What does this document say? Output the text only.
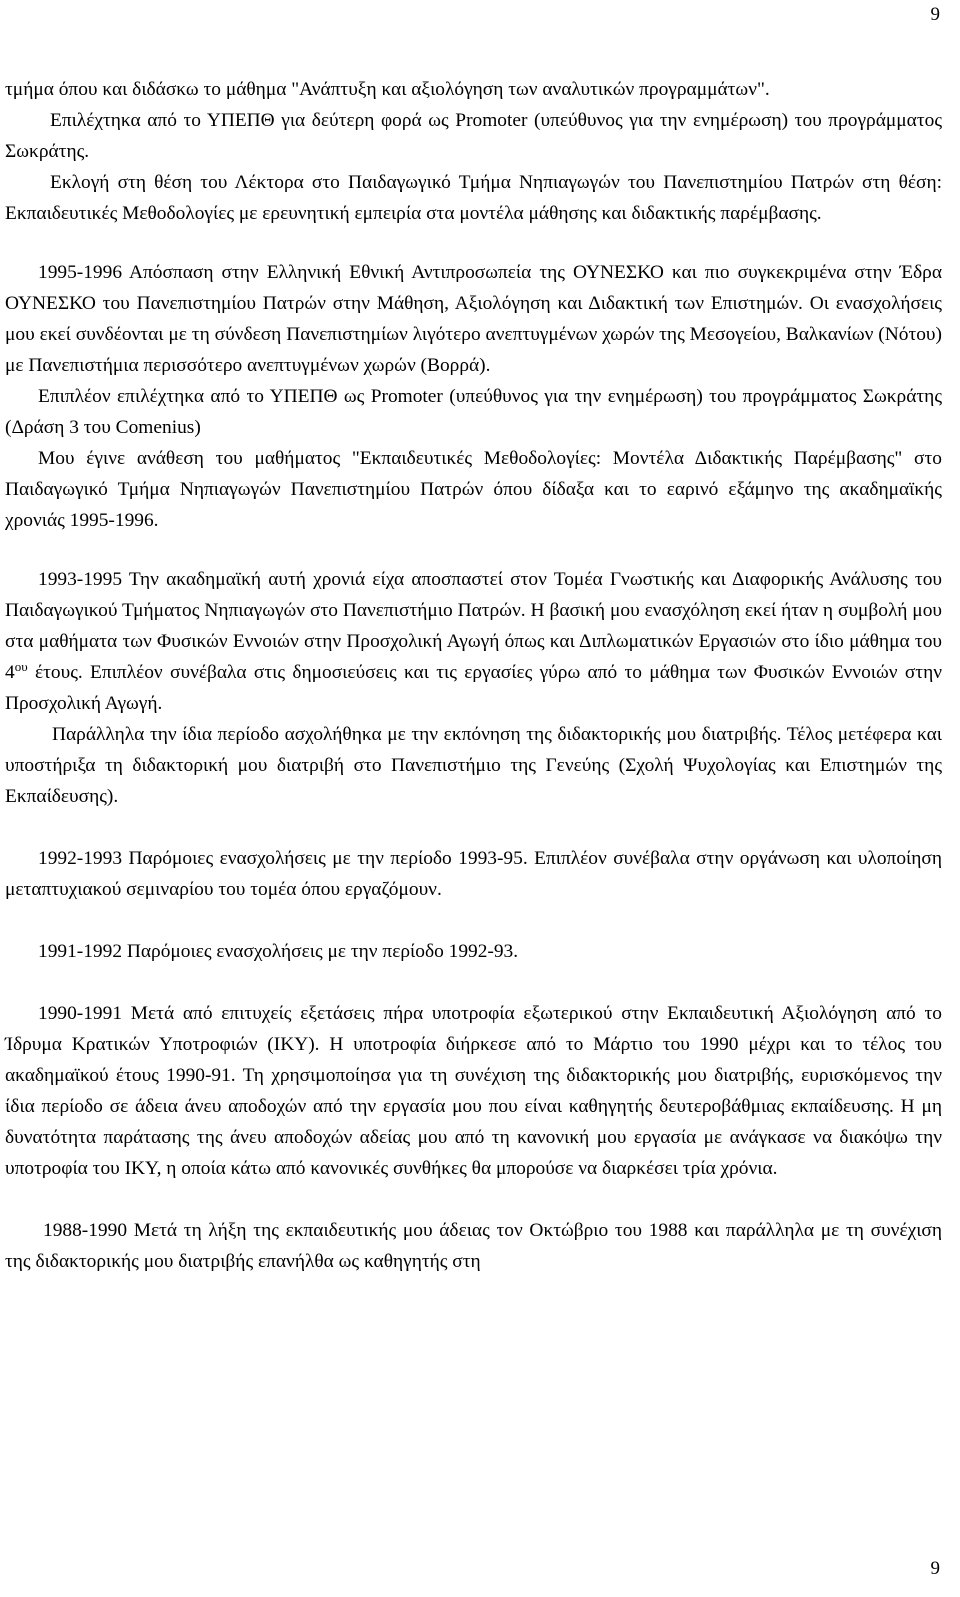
9

τμήμα όπου και διδάσκω το μάθημα "Ανάπτυξη και αξιολόγηση των αναλυτικών προγραμμάτων".

Επιλέχτηκα από το ΥΠΕΠΘ για δεύτερη φορά ως Promoter (υπεύθυνος για την ενημέρωση) του προγράμματος Σωκράτης.

Εκλογή στη θέση του Λέκτορα στο Παιδαγωγικό Τμήμα Νηπιαγωγών του Πανεπιστημίου Πατρών στη θέση: Εκπαιδευτικές Μεθοδολογίες με ερευνητική εμπειρία στα μοντέλα μάθησης και διδακτικής παρέμβασης.

1995-1996 Απόσπαση στην Ελληνική Εθνική Αντιπροσωπεία της ΟΥΝΕΣΚΟ και πιο συγκεκριμένα στην Έδρα ΟΥΝΕΣΚΟ του Πανεπιστημίου Πατρών στην Μάθηση, Αξιολόγηση και Διδακτική των Επιστημών. Οι ενασχολήσεις μου εκεί συνδέονται με τη σύνδεση Πανεπιστημίων λιγότερο ανεπτυγμένων χωρών της Μεσογείου, Βαλκανίων (Νότου) με Πανεπιστήμια περισσότερο ανεπτυγμένων χωρών (Βορρά).

Επιπλέον επιλέχτηκα από το ΥΠΕΠΘ ως Promoter (υπεύθυνος για την ενημέρωση) του προγράμματος Σωκράτης (Δράση 3 του Comenius)

Μου έγινε ανάθεση του μαθήματος "Εκπαιδευτικές Μεθοδολογίες: Μοντέλα Διδακτικής Παρέμβασης" στο Παιδαγωγικό Τμήμα Νηπιαγωγών Πανεπιστημίου Πατρών όπου δίδαξα και το εαρινό εξάμηνο της ακαδημαϊκής χρονιάς 1995-1996.

1993-1995 Την ακαδημαϊκή αυτή χρονιά είχα αποσπαστεί στον Τομέα Γνωστικής και Διαφορικής Ανάλυσης του Παιδαγωγικού Τμήματος Νηπιαγωγών στο Πανεπιστήμιο Πατρών. Η βασική μου ενασχόληση εκεί ήταν η συμβολή μου στα μαθήματα των Φυσικών Εννοιών στην Προσχολική Αγωγή όπως και Διπλωματικών Εργασιών στο ίδιο μάθημα του $4^{o\upsilon}$ έτους. Επιπλέον συνέβαλα στις δημοσιεύσεις και τις εργασίες γύρω από το μάθημα των Φυσικών Εννοιών στην Προσχολική Αγωγή.

Παράλληλα την ίδια περίοδο ασχολήθηκα με την εκπόνηση της διδακτορικής μου διατριβής. Τέλος μετέφερα και υποστήριξα τη διδακτορική μου διατριβή στο Πανεπιστήμιο της Γενεύης (Σχολή Ψυχολογίας και Επιστημών της Εκπαίδευσης).

1992-1993 Παρόμοιες ενασχολήσεις με την περίοδο 1993-95. Επιπλέον συνέβαλα στην οργάνωση και υλοποίηση μεταπτυχιακού σεμιναρίου του τομέα όπου εργαζόμουν.

1991-1992 Παρόμοιες ενασχολήσεις με την περίοδο 1992-93.

1990-1991 Μετά από επιτυχείς εξετάσεις πήρα υποτροφία εξωτερικού στην Εκπαιδευτική Αξιολόγηση από το Ίδρυμα Κρατικών Υποτροφιών (ΙΚΥ). Η υποτροφία διήρκεσε από το Μάρτιο του 1990 μέχρι και το τέλος του ακαδημαϊκού έτους 1990-91. Τη χρησιμοποίησα για τη συνέχιση της διδακτορικής μου διατριβής, ευρισκόμενος την ίδια περίοδο σε άδεια άνευ αποδοχών από την εργασία μου που είναι καθηγητής δευτεροβάθμιας εκπαίδευσης. Η μη δυνατότητα παράτασης της άνευ αποδοχών αδείας μου από τη κανονική μου εργασία με ανάγκασε να διακόψω την υποτροφία του ΙΚΥ, η οποία κάτω από κανονικές συνθήκες θα μπορούσε να διαρκέσει τρία χρόνια.

1988-1990 Μετά τη λήξη της εκπαιδευτικής μου άδειας τον Οκτώβριο του 1988 και παράλληλα με τη συνέχιση της διδακτορικής μου διατριβής επανήλθα ως καθηγητής στη

9
